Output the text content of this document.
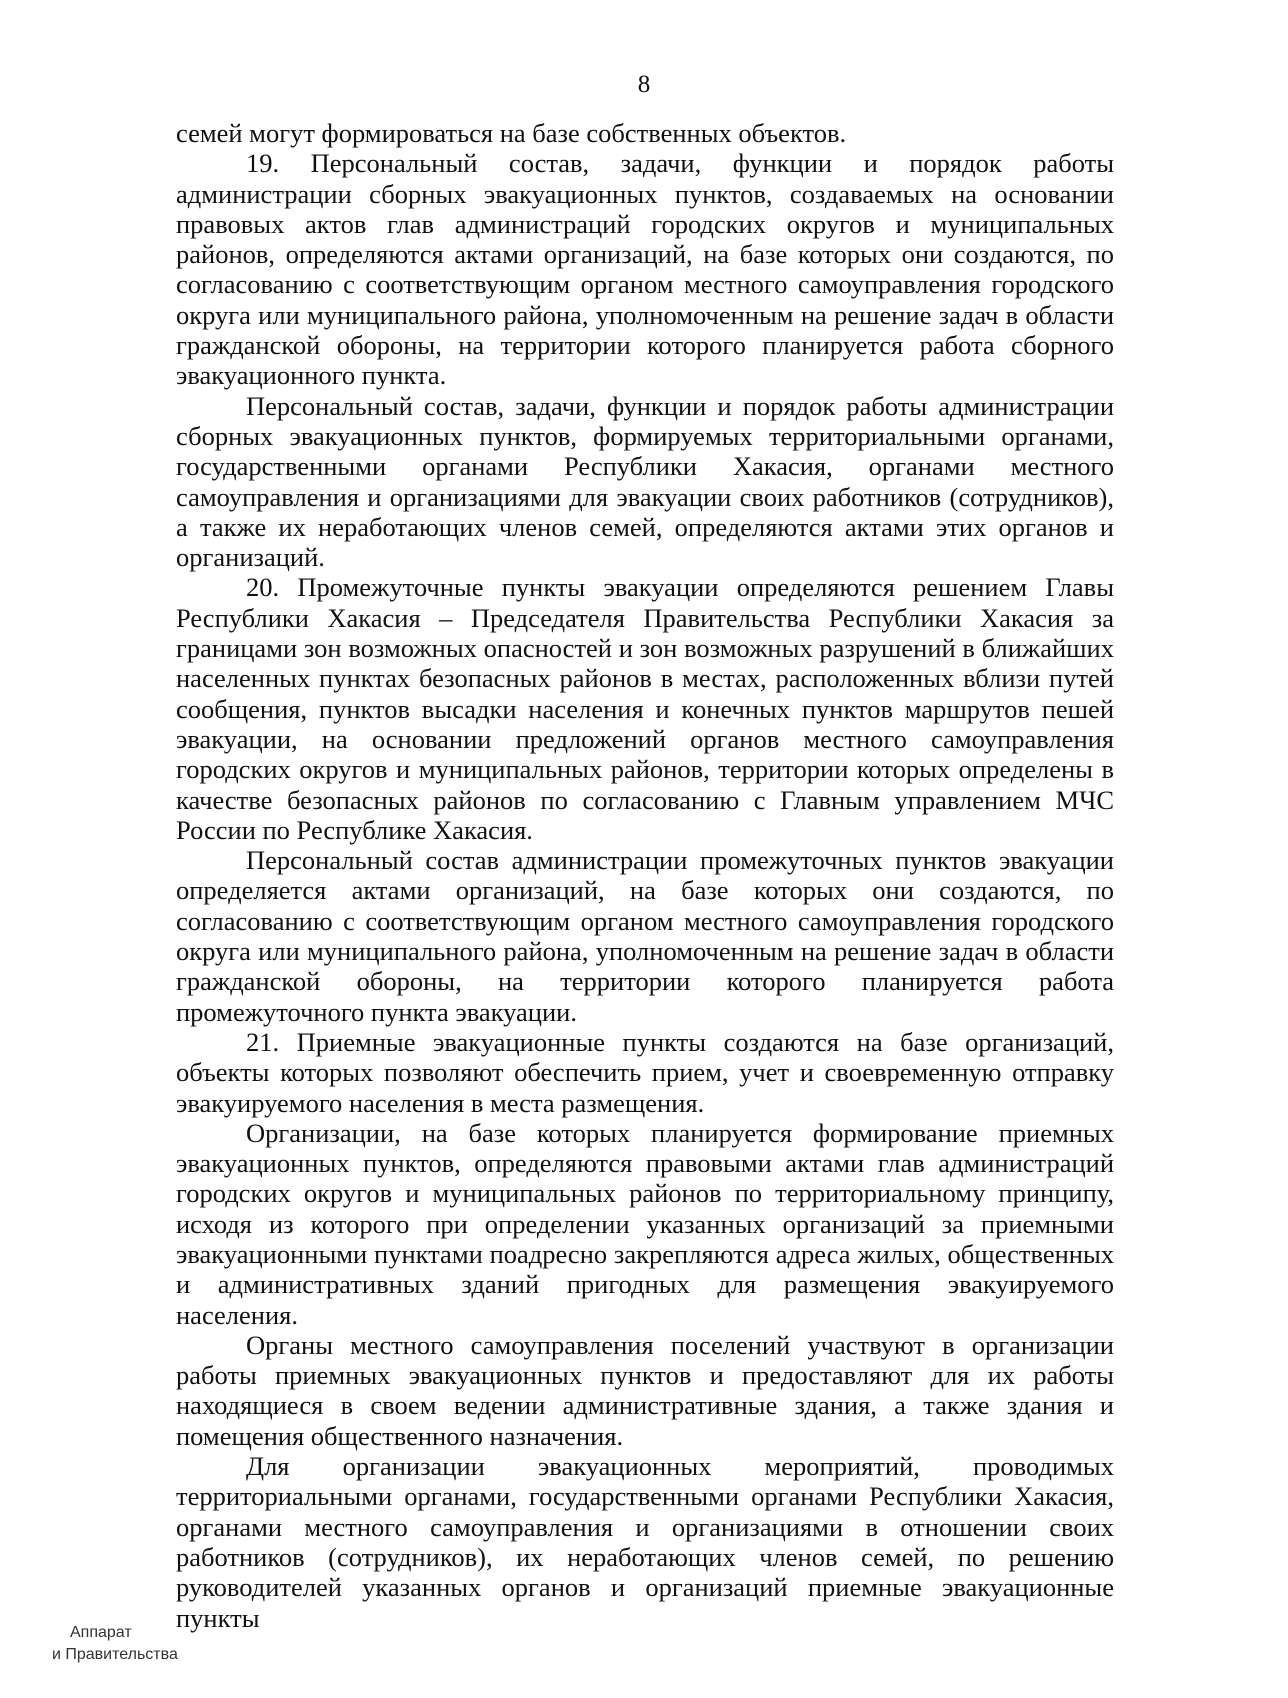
8

семей могут формироваться на базе собственных объектов.

19. Персональный состав, задачи, функции и порядок работы администрации сборных эвакуационных пунктов, создаваемых на основании правовых актов глав администраций городских округов и муниципальных районов, определяются актами организаций, на базе которых они создаются, по согласованию с соответствующим органом местного самоуправления городского округа или муниципального района, уполномоченным на решение задач в области гражданской обороны, на территории которого планируется работа сборного эвакуационного пункта.

Персональный состав, задачи, функции и порядок работы администрации сборных эвакуационных пунктов, формируемых территориальными органами, государственными органами Республики Хакасия, органами местного самоуправления и организациями для эвакуации своих работников (сотрудников), а также их неработающих членов семей, определяются актами этих органов и организаций.

20. Промежуточные пункты эвакуации определяются решением Главы Республики Хакасия – Председателя Правительства Республики Хакасия за границами зон возможных опасностей и зон возможных разрушений в ближайших населенных пунктах безопасных районов в местах, расположенных вблизи путей сообщения, пунктов высадки населения и конечных пунктов маршрутов пешей эвакуации, на основании предложений органов местного самоуправления городских округов и муниципальных районов, территории которых определены в качестве безопасных районов по согласованию с Главным управлением МЧС России по Республике Хакасия.

Персональный состав администрации промежуточных пунктов эвакуации определяется актами организаций, на базе которых они создаются, по согласованию с соответствующим органом местного самоуправления городского округа или муниципального района, уполномоченным на решение задач в области гражданской обороны, на территории которого планируется работа промежуточного пункта эвакуации.

21. Приемные эвакуационные пункты создаются на базе организаций, объекты которых позволяют обеспечить прием, учет и своевременную отправку эвакуируемого населения в места размещения.

Организации, на базе которых планируется формирование приемных эвакуационных пунктов, определяются правовыми актами глав администраций городских округов и муниципальных районов по территориальному принципу, исходя из которого при определении указанных организаций за приемными эвакуационными пунктами поадресно закрепляются адреса жилых, общественных и административных зданий пригодных для размещения эвакуируемого населения.

Органы местного самоуправления поселений участвуют в организации работы приемных эвакуационных пунктов и предоставляют для их работы находящиеся в своем ведении административные здания, а также здания и помещения общественного назначения.

Для организации эвакуационных мероприятий, проводимых территориальными органами, государственными органами Республики Хакасия, органами местного самоуправления и организациями в отношении своих работников (сотрудников), их неработающих членов семей, по решению руководителей указанных органов и организаций приемные эвакуационные пункты

Аппарат
и Правительства
